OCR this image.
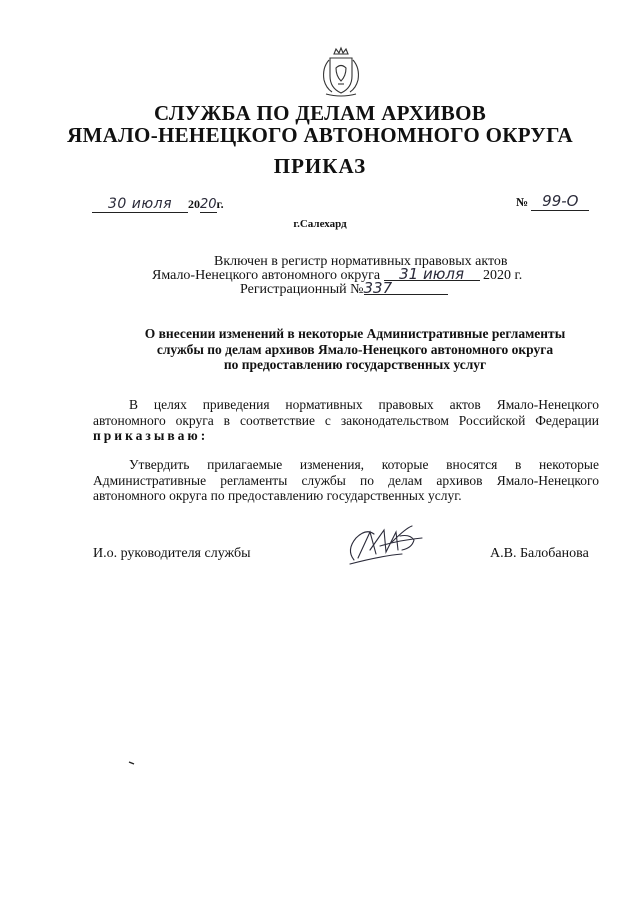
СЛУЖБА ПО ДЕЛАМ АРХИВОВ
ЯМАЛО-НЕНЕЦКОГО АВТОНОМНОГО ОКРУГА
ПРИКАЗ
30 июля 2020г.	№ 99-О
г.Салехард
Включен в регистр нормативных правовых актов
Ямало-Ненецкого автономного округа 31 июля 2020 г.
Регистрационный №337
О внесении изменений в некоторые Административные регламенты
службы по делам архивов Ямало-Ненецкого автономного округа
по предоставлению государственных услуг
В целях приведения нормативных правовых актов Ямало-Ненецкого
автономного округа в соответствие с законодательством Российской Федерации
приказываю:
Утвердить прилагаемые изменения, которые вносятся в некоторые
Административные регламенты службы по делам архивов Ямало-Ненецкого
автономного округа по предоставлению государственных услуг.
И.о. руководителя службы	А.В. Балобанова
